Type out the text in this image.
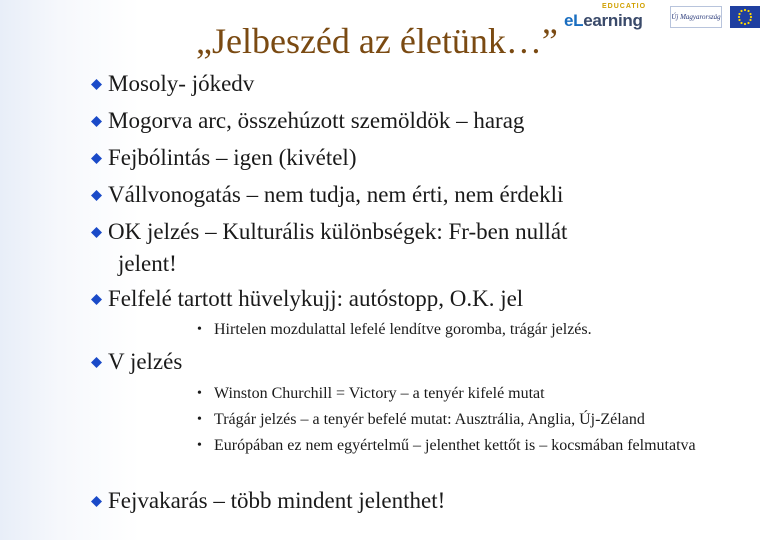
EDUCATIO
eLearning	Új Magyarország
„Jelbeszéd az életünk…”
Mosoly- jókedv
Mogorva arc, összehúzott szemöldök – harag
Fejbólintás – igen (kivétel)
Vállvonogatás – nem tudja, nem érti, nem érdekli
OK jelzés – Kulturális különbségek: Fr-ben nullát
jelent!
Felfelé tartott hüvelykujj: autóstopp, O.K. jel
• Hirtelen mozdulattal lefelé lendítve goromba, trágár jelzés.
V jelzés
• Winston Churchill = Victory – a tenyér kifelé mutat
• Trágár jelzés – a tenyér befelé mutat: Ausztrália, Anglia, Új-Zéland
• Európában ez nem egyértelmű – jelenthet kettőt is – kocsmában felmutatva
Fejvakarás – több mindent jelenthet!
